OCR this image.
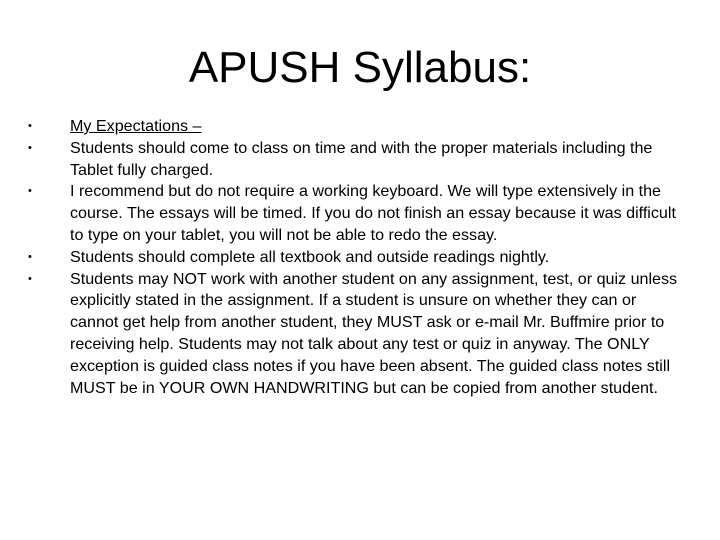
APUSH Syllabus:
•	My Expectations –
•	Students should come to class on time and with the proper materials including the Tablet fully charged.
•	I recommend but do not require a working keyboard. We will type extensively in the course. The essays will be timed. If you do not finish an essay because it was difficult to type on your tablet, you will not be able to redo the essay.
•	Students should complete all textbook and outside readings nightly.
•	Students may NOT work with another student on any assignment, test, or quiz unless explicitly stated in the assignment. If a student is unsure on whether they can or cannot get help from another student, they MUST ask or e-mail Mr. Buffmire prior to receiving help. Students may not talk about any test or quiz in anyway. The ONLY exception is guided class notes if you have been absent. The guided class notes still MUST be in YOUR OWN HANDWRITING but can be copied from another student.
